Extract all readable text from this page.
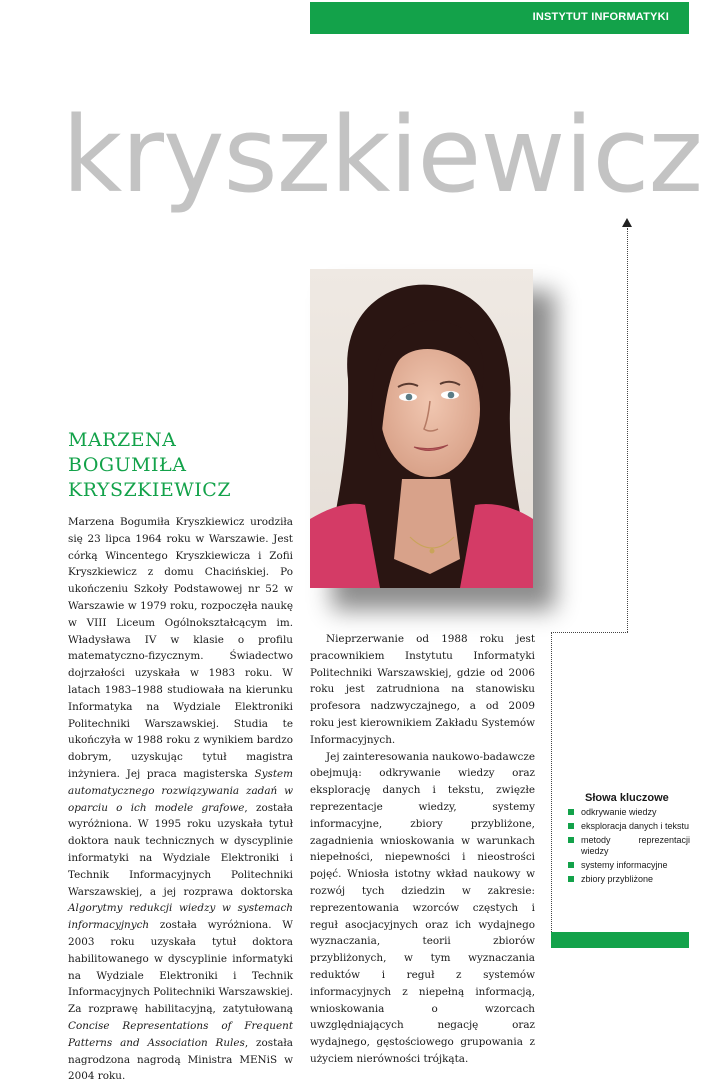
INSTYTUT INFORMATYKI
kryszkiewicz
MARZENA
BOGUMIŁA
KRYSZKIEWICZ

Marzena Bogumiła Kryszkiewicz urodziła się 23 lipca 1964 roku w Warszawie. Jest córką Wincentego Kryszkiewicza i Zofii Kryszkiewicz z domu Chacińskiej. Po ukończeniu Szkoły Podstawowej nr 52 w Warszawie w 1979 roku, rozpoczęła naukę w VIII Liceum Ogólnokształcącym im. Władysława IV w klasie o profilu matematyczno-fizycznym. Świadectwo dojrzałości uzyskała w 1983 roku. W latach 1983–1988 studiowała na kierunku Informatyka na Wydziale Elektroniki Politechniki Warszawskiej. Studia te ukończyła w 1988 roku z wynikiem bardzo dobrym, uzyskując tytuł magistra inżyniera. Jej praca magisterska System automatycznego rozwiązywania zadań w oparciu o ich modele grafowe, została wyróżniona. W 1995 roku uzyskała tytuł doktora nauk technicznych w dyscyplinie informatyki na Wydziale Elektroniki i Technik Informacyjnych Politechniki Warszawskiej, a jej rozprawa doktorska Algorytmy redukcji wiedzy w systemach informacyjnych została wyróżniona. W 2003 roku uzyskała tytuł doktora habilitowanego w dyscyplinie informatyki na Wydziale Elektroniki i Technik Informacyjnych Politechniki Warszawskiej. Za rozprawę habilitacyjną, zatytułowaną Concise Representations of Frequent Patterns and Association Rules, została nagrodzona nagrodą Ministra MENiS w 2004 roku.

Nieprzerwanie od 1988 roku jest pracownikiem Instytutu Informatyki Politechniki Warszawskiej, gdzie od 2006 roku jest zatrudniona na stanowisku profesora nadzwyczajnego, a od 2009 roku jest kierownikiem Zakładu Systemów Informacyjnych.

Jej zainteresowania naukowo-badawcze obejmują: odkrywanie wiedzy oraz eksplorację danych i tekstu, zwięzłe reprezentacje wiedzy, systemy informacyjne, zbiory przybliżone, zagadnienia wnioskowania w warunkach niepełności, niepewności i nieostrości pojęć. Wniosła istotny wkład naukowy w rozwój tych dziedzin w zakresie: reprezentowania wzorców częstych i reguł asocjacyjnych oraz ich wydajnego wyznaczania, teorii zbiorów przybliżonych, w tym wyznaczania reduktów i reguł z systemów informacyjnych z niepełną informacją, wnioskowania o wzorcach uwzględniających negację oraz wydajnego, gęstościowego grupowania z użyciem nierówności trójkąta.

Słowa kluczowe
odkrywanie wiedzy
eksploracja danych i tekstu
metody reprezentacji wiedzy
systemy informacyjne
zbiory przybliżone
